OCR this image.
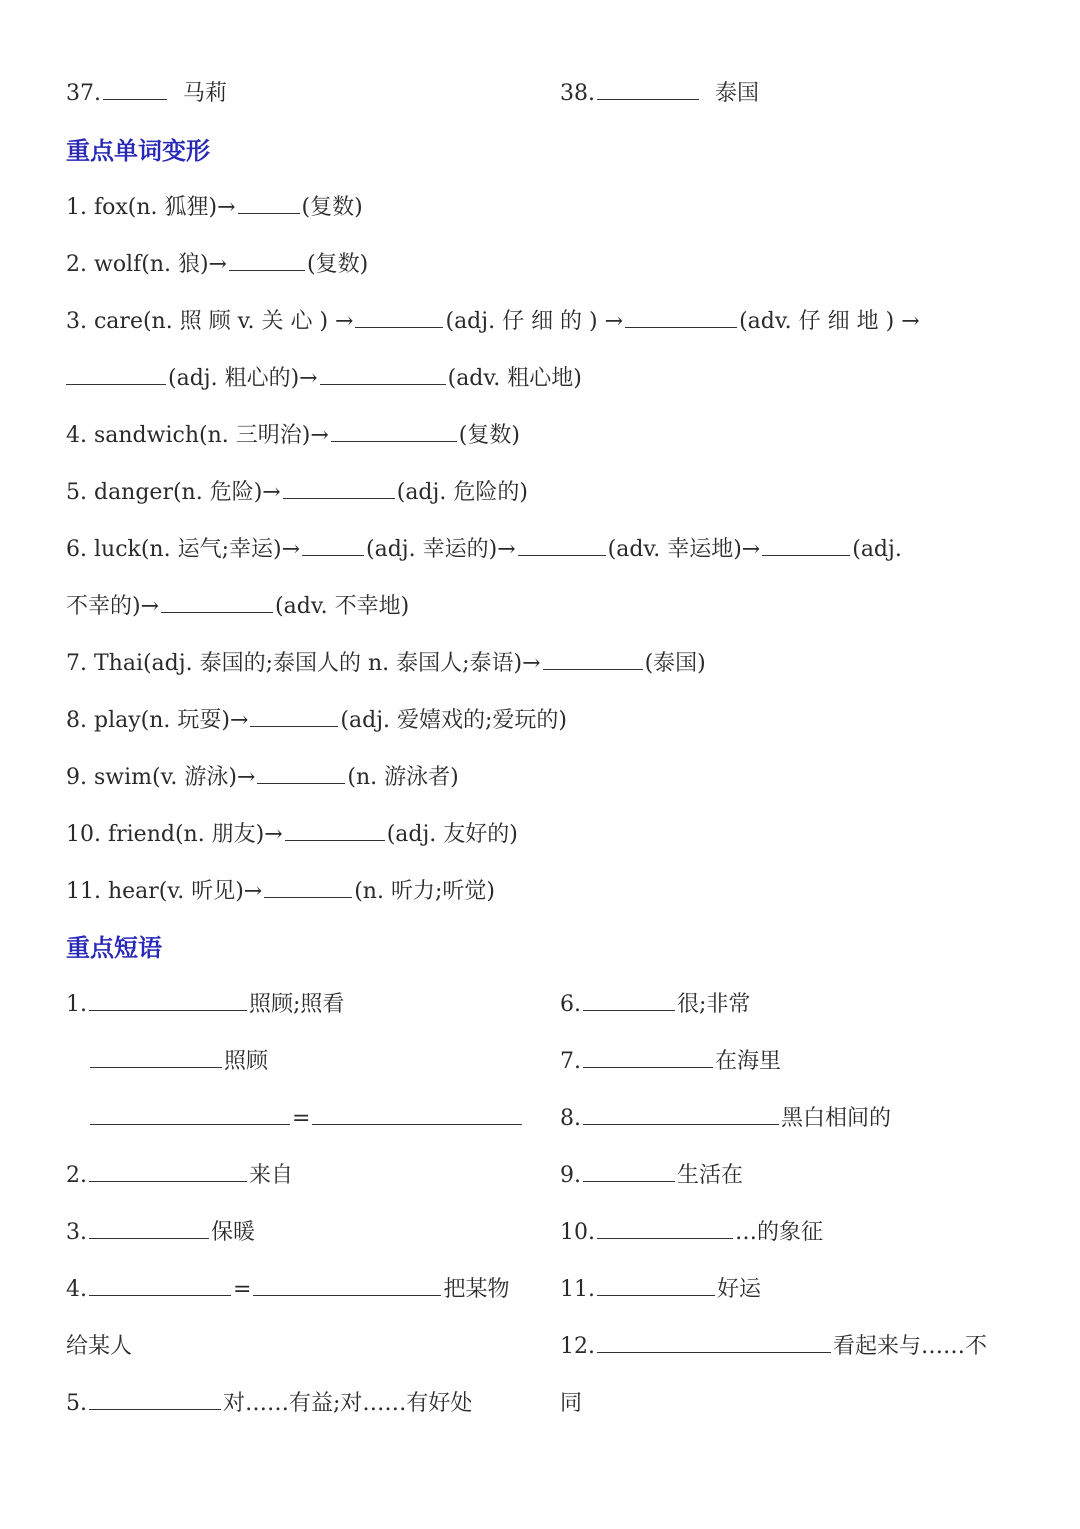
37.	马莉	38.	泰国
重点单词变形
1. fox(n. 狐狸)→	(复数)
2. wolf(n. 狼)→	(复数)
3. care(n. 照 顾 v. 关 心 ) →	(adj. 仔 细 的 ) →	(adv. 仔 细 地 ) →
(adj. 粗心的)→	(adv. 粗心地)
4. sandwich(n. 三明治)→	(复数)
5. danger(n. 危险)→	(adj. 危险的)
6. luck(n. 运气;幸运)→	(adj. 幸运的)→	(adv. 幸运地)→	(adj.
不幸的)→	(adv. 不幸地)
7. Thai(adj. 泰国的;泰国人的 n. 泰国人;泰语)→	(泰国)
8. play(n. 玩耍)→	(adj. 爱嬉戏的;爱玩的)
9. swim(v. 游泳)→	(n. 游泳者)
10. friend(n. 朋友)→	(adj. 友好的)
11. hear(v. 听见)→	(n. 听力;听觉)
重点短语
1.	照顾;照看
照顾
=
2.	来自
3.	保暖
4.	=	把某物
给某人
5.	对……有益;对……有好处
6.	很;非常
7.	在海里
8.	黑白相间的
9.	生活在
10.	…的象征
11.	好运
12.	看起来与……不
同
